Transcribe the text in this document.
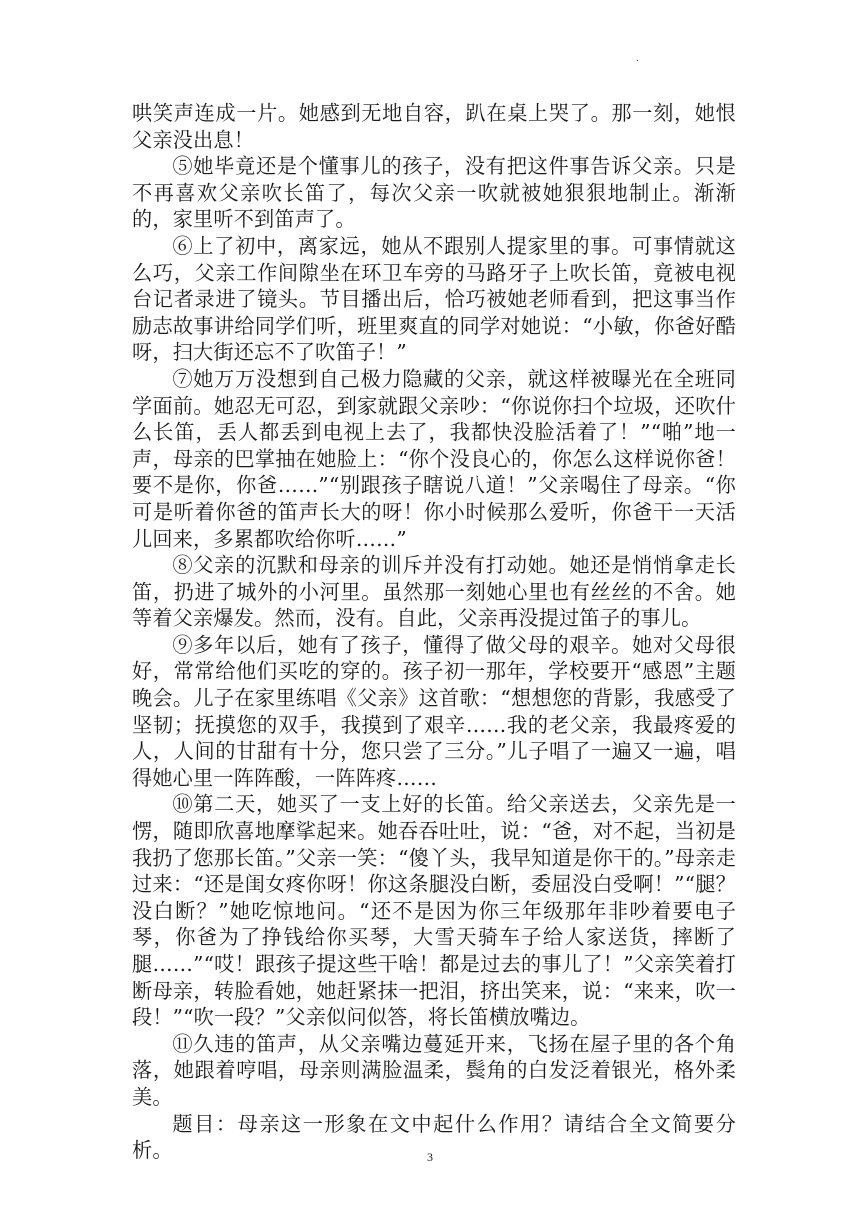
.

哄笑声连成一片。她感到无地自容，趴在桌上哭了。那一刻，她恨父亲没出息！

⑤她毕竟还是个懂事儿的孩子，没有把这件事告诉父亲。只是不再喜欢父亲吹长笛了，每次父亲一吹就被她狠狠地制止。渐渐的，家里听不到笛声了。

⑥上了初中，离家远，她从不跟别人提家里的事。可事情就这么巧，父亲工作间隙坐在环卫车旁的马路牙子上吹长笛，竟被电视台记者录进了镜头。节目播出后，恰巧被她老师看到，把这事当作励志故事讲给同学们听，班里爽直的同学对她说：“小敏，你爸好酷呀，扫大街还忘不了吹笛子！”

⑦她万万没想到自己极力隐藏的父亲，就这样被曝光在全班同学面前。她忍无可忍，到家就跟父亲吵：“你说你扫个垃圾，还吹什么长笛，丢人都丢到电视上去了，我都快没脸活着了！”“啪”地一声，母亲的巴掌抽在她脸上：“你个没良心的，你怎么这样说你爸！要不是你，你爸……”“别跟孩子瞎说八道！”父亲喝住了母亲。“你可是听着你爸的笛声长大的呀！你小时候那么爱听，你爸干一天活儿回来，多累都吹给你听……”

⑧父亲的沉默和母亲的训斥并没有打动她。她还是悄悄拿走长笛，扔进了城外的小河里。虽然那一刻她心里也有丝丝的不舍。她等着父亲爆发。然而，没有。自此，父亲再没提过笛子的事儿。

⑨多年以后，她有了孩子，懂得了做父母的艰辛。她对父母很好，常常给他们买吃的穿的。孩子初一那年，学校要开“感恩”主题晚会。儿子在家里练唱《父亲》这首歌：“想想您的背影，我感受了坚韧；抚摸您的双手，我摸到了艰辛……我的老父亲，我最疼爱的人，人间的甘甜有十分，您只尝了三分。”儿子唱了一遍又一遍，唱得她心里一阵阵酸，一阵阵疼……

⑩第二天，她买了一支上好的长笛。给父亲送去，父亲先是一愣，随即欣喜地摩挲起来。她吞吞吐吐，说：“爸，对不起，当初是我扔了您那长笛。”父亲一笑：“傻丫头，我早知道是你干的。”母亲走过来：“还是闺女疼你呀！你这条腿没白断，委屈没白受啊！”“腿？没白断？”她吃惊地问。“还不是因为你三年级那年非吵着要电子琴，你爸为了挣钱给你买琴，大雪天骑车子给人家送货，摔断了腿……”“哎！跟孩子提这些干啥！都是过去的事儿了！”父亲笑着打断母亲，转脸看她，她赶紧抹一把泪，挤出笑来，说：“来来，吹一段！”“吹一段？”父亲似问似答，将长笛横放嘴边。

⑪久违的笛声，从父亲嘴边蔓延开来，飞扬在屋子里的各个角落，她跟着哼唱，母亲则满脸温柔，鬓角的白发泛着银光，格外柔美。

题目：母亲这一形象在文中起什么作用？请结合全文简要分析。	3
